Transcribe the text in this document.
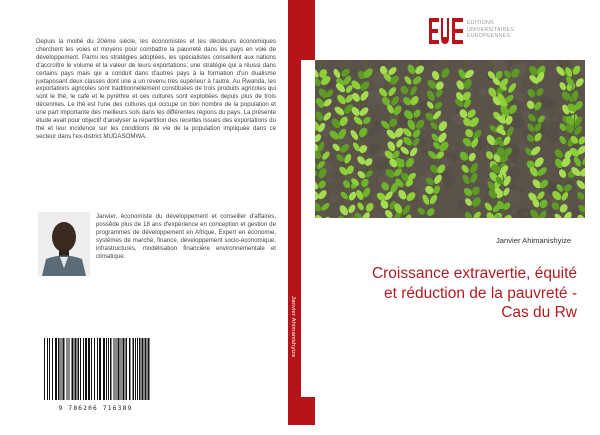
Depuis la moitié du 20ème siècle, les économistes et les décideurs économiques cherchent les voies et moyens pour combattre la pauvreté dans les pays en voie de développement. Parmi les stratégies adoptées, les spécialistes conseillent aux nations d'accroître le volume et la valeur de leurs exportations; une stratégie qui a réussi dans certains pays mais qui a conduit dans d'autres pays à la formation d'un dualisme juxtaposant deux classes dont une a un revenu très supérieur à l'autre. Au Rwanda, les exportations agricoles sont traditionnellement constituées de trois produits agricoles qui sont le thé, le café et le pyrèthre et ces cultures sont exploitées depuis plus de trois décennies. Le thé est l'une des cultures qui occupe un bon nombre de la population et une part importante des meilleurs sols dans les différentes régions du pays. La présente étude avait pour objectif d'analyser la répartition des recettes issues des exportations du thé et leur incidence sur les conditions de vie de la population impliquée dans ce secteur dans l'ex-district MUDASOMWA.

Janvier, économiste du développement et conseiller d'affaires, possède plus de 18 ans d'expérience en conception et gestion de programmes de développement en Afrique. Expert en économie, systèmes de marché, finance, développement socio-économique, infrastructures, modélisation financière environnementale et climatique.

9 786206 716389
Janvier Ahimanishyize
EDITIONS
UNIVERSITAIRES
EUROPEENNES
Janvier Ahimanishyize
Croissance extravertie, équité et réduction de la pauvreté - Cas du Rw
